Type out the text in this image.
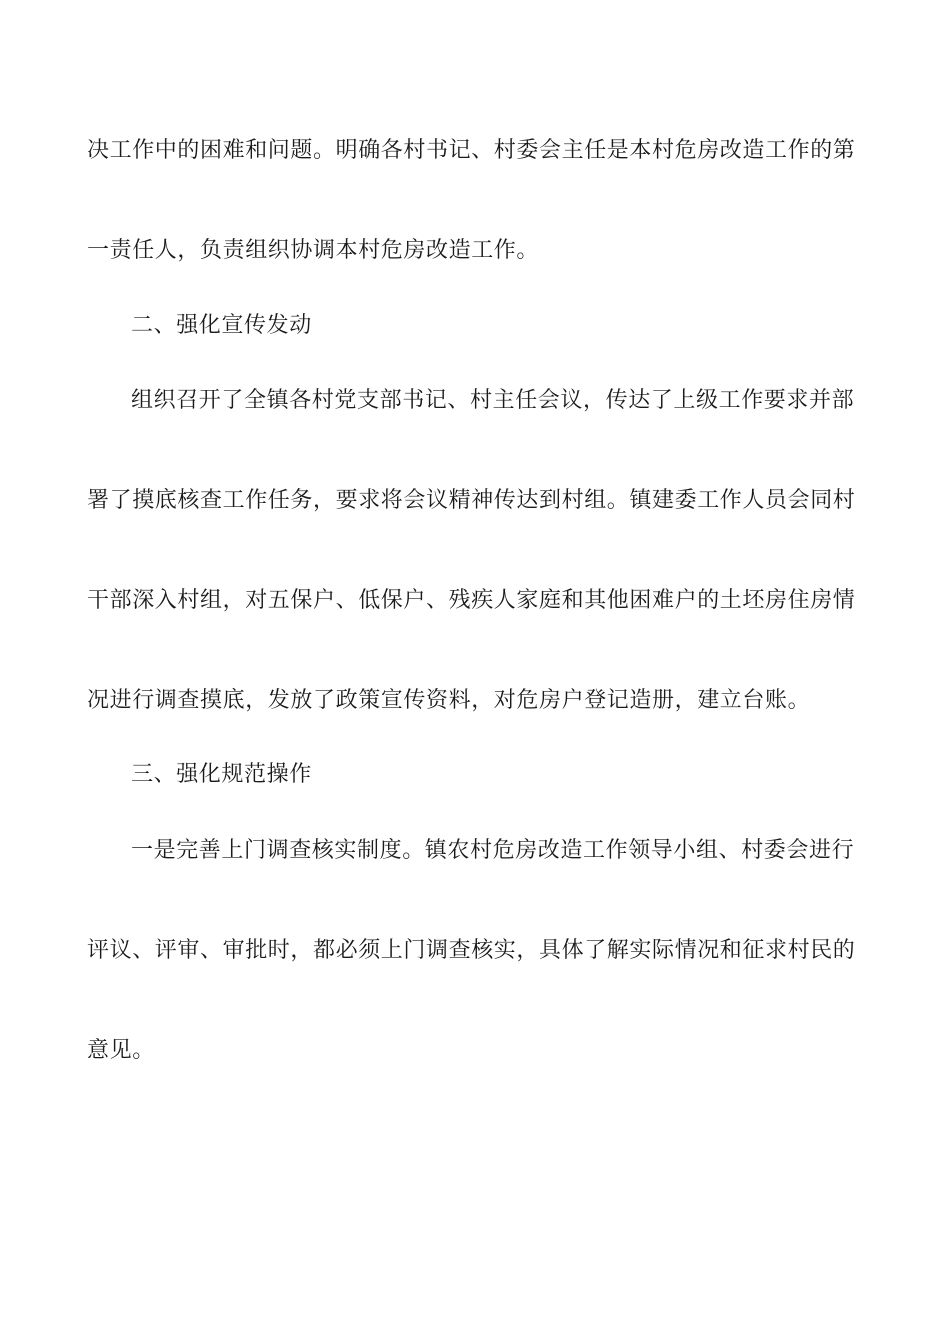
决工作中的困难和问题。明确各村书记、村委会主任是本村危房改造工作的第
一责任人，负责组织协调本村危房改造工作。
二、强化宣传发动
组织召开了全镇各村党支部书记、村主任会议，传达了上级工作要求并部
署了摸底核查工作任务，要求将会议精神传达到村组。镇建委工作人员会同村
干部深入村组，对五保户、低保户、残疾人家庭和其他困难户的土坯房住房情
况进行调查摸底，发放了政策宣传资料，对危房户登记造册，建立台账。
三、强化规范操作
一是完善上门调查核实制度。镇农村危房改造工作领导小组、村委会进行
评议、评审、审批时，都必须上门调查核实，具体了解实际情况和征求村民的
意见。
